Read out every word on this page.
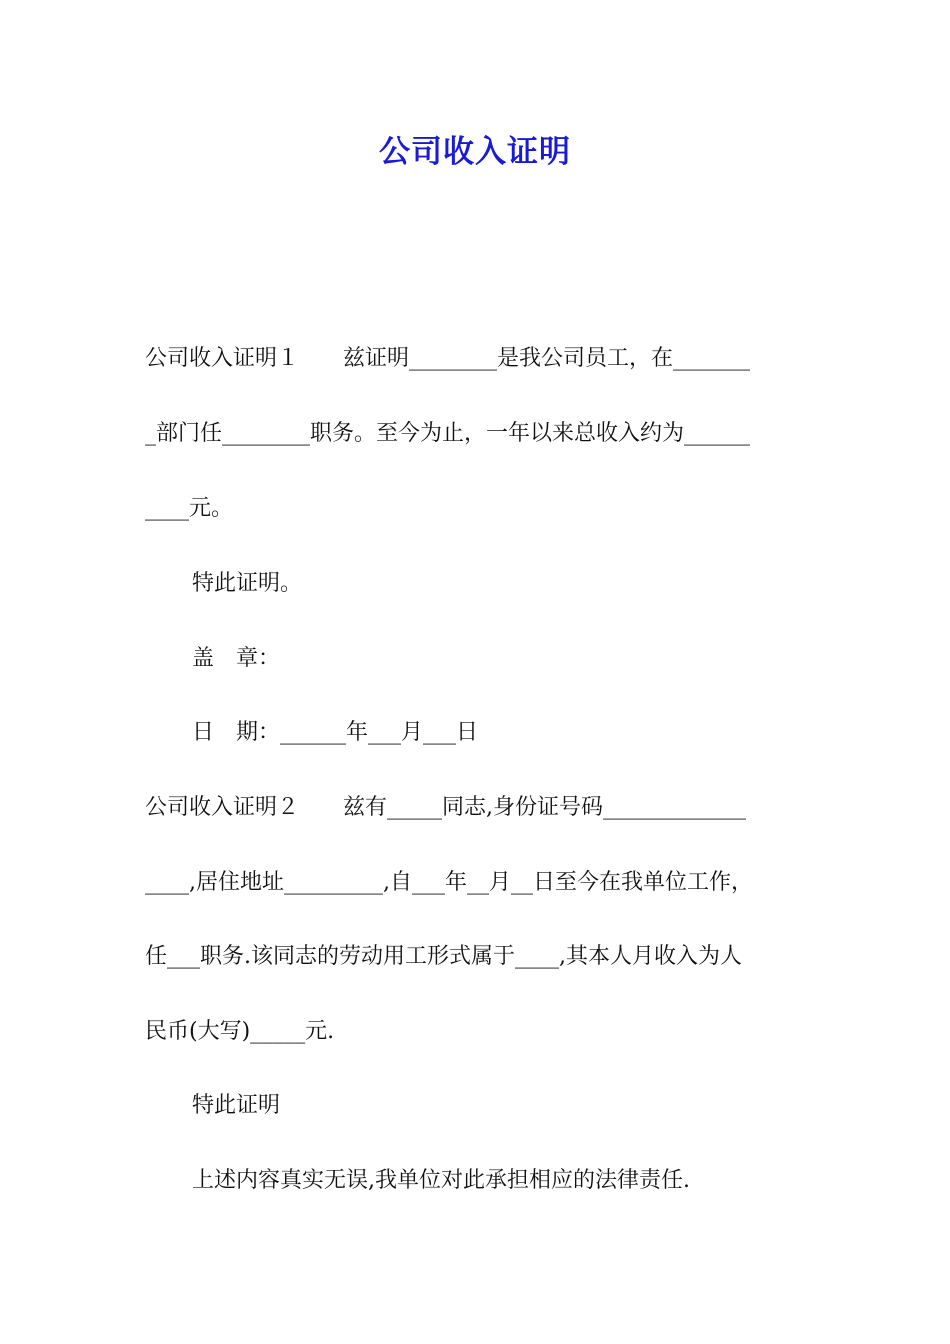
公司收入证明
公司收入证明１　　兹证明________是我公司员工，在_______
_部门任________职务。至今为止，一年以来总收入约为______
____元。
特此证明。
盖　章：
日　期：______年___月___日
公司收入证明２　　兹有_____同志,身份证号码_____________
____,居住地址_________,自___年__月__日至今在我单位工作，
任___职务.该同志的劳动用工形式属于____,其本人月收入为人
民币(大写)_____元.
特此证明
上述内容真实无误,我单位对此承担相应的法律责任.
